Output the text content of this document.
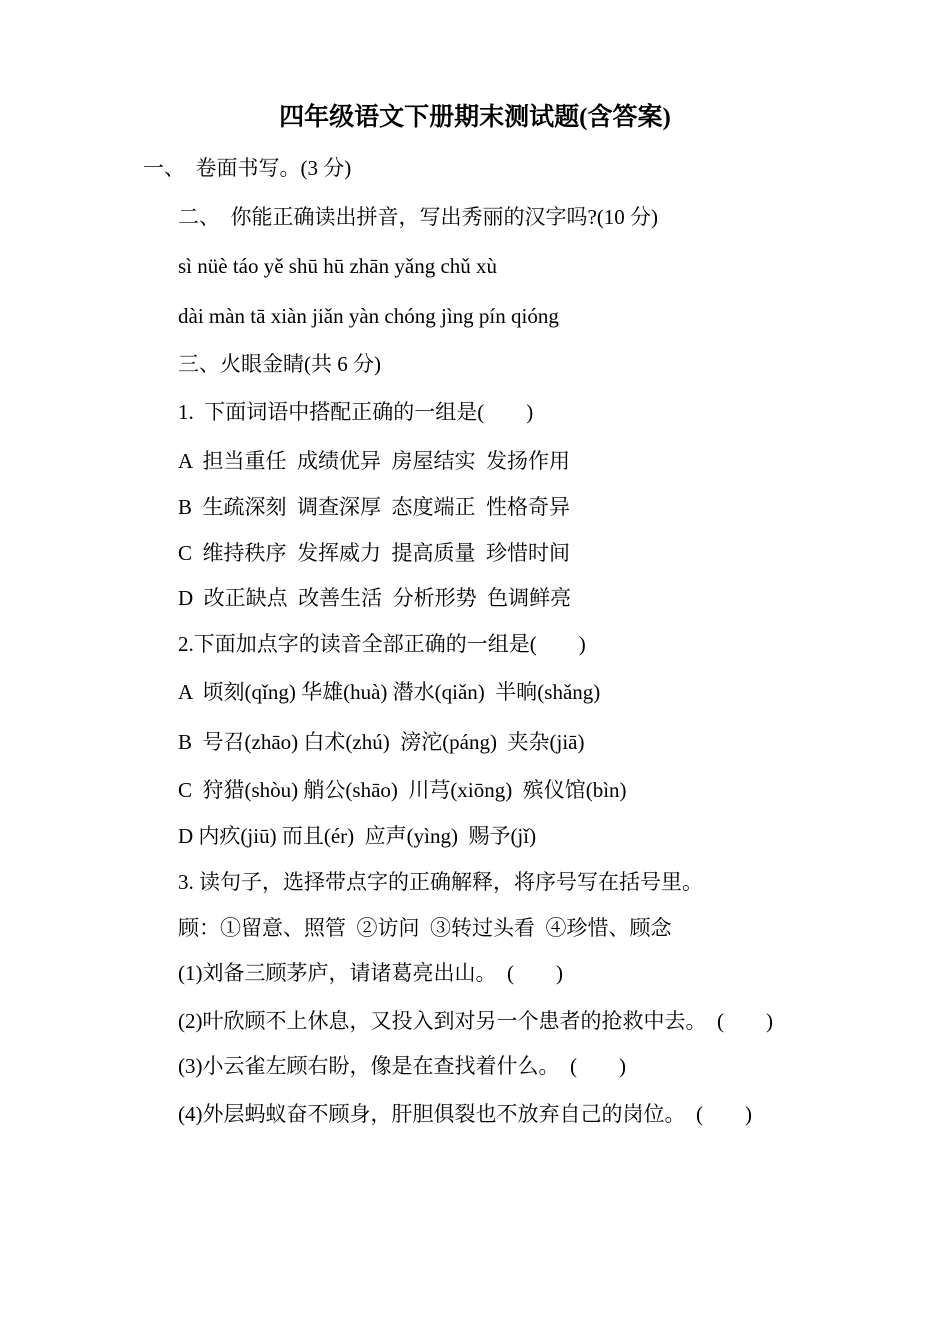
四年级语文下册期末测试题(含答案)
一、  卷面书写。(3 分)
二、  你能正确读出拼音，写出秀丽的汉字吗?(10 分)
sì nüè táo yě shū hū zhān yǎng chǔ xù
dài màn tā xiàn jiǎn yàn chóng jìng pín qióng
三、火眼金睛(共 6 分)
1.  下面词语中搭配正确的一组是(        )
A  担当重任  成绩优异  房屋结实  发扬作用
B  生疏深刻  调查深厚  态度端正  性格奇异
C  维持秩序  发挥威力  提高质量  珍惜时间
D  改正缺点  改善生活  分析形势  色调鲜亮
2.下面加点字的读音全部正确的一组是(        )
A  顷刻(qǐng) 华雄(huà) 潜水(qiǎn)  半晌(shǎng)
B  号召(zhāo) 白术(zhú)  滂沱(páng)  夹杂(jiā)
C  狩猎(shòu) 艄公(shāo)  川芎(xiōng)  殡仪馆(bìn)
D 内疚(jiū) 而且(ér)  应声(yìng)  赐予(jǐ)
3. 读句子，选择带点字的正确解释，将序号写在括号里。
顾：①留意、照管  ②访问  ③转过头看  ④珍惜、顾念
(1)刘备三顾茅庐，请诸葛亮出山。  (        )
(2)叶欣顾不上休息，又投入到对另一个患者的抢救中去。  (        )
(3)小云雀左顾右盼，像是在查找着什么。  (        )
(4)外层蚂蚁奋不顾身，肝胆俱裂也不放弃自己的岗位。  (        )
